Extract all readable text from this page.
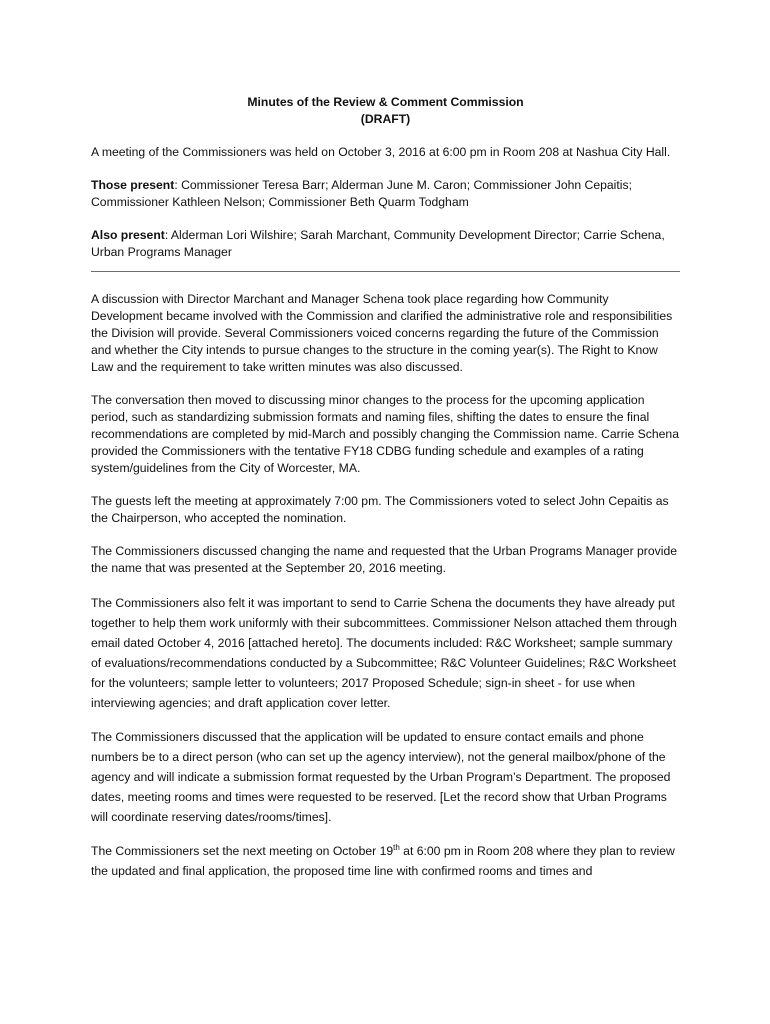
Minutes of the Review & Comment Commission
(DRAFT)

A meeting of the Commissioners was held on October 3, 2016 at 6:00 pm in Room 208 at Nashua City Hall.

Those present: Commissioner Teresa Barr; Alderman June M. Caron; Commissioner John Cepaitis; Commissioner Kathleen Nelson; Commissioner Beth Quarm Todgham

Also present: Alderman Lori Wilshire; Sarah Marchant, Community Development Director; Carrie Schena, Urban Programs Manager

A discussion with Director Marchant and Manager Schena took place regarding how Community Development became involved with the Commission and clarified the administrative role and responsibilities the Division will provide. Several Commissioners voiced concerns regarding the future of the Commission and whether the City intends to pursue changes to the structure in the coming year(s). The Right to Know Law and the requirement to take written minutes was also discussed.

The conversation then moved to discussing minor changes to the process for the upcoming application period, such as standardizing submission formats and naming files, shifting the dates to ensure the final recommendations are completed by mid-March and possibly changing the Commission name. Carrie Schena provided the Commissioners with the tentative FY18 CDBG funding schedule and examples of a rating system/guidelines from the City of Worcester, MA.

The guests left the meeting at approximately 7:00 pm. The Commissioners voted to select John Cepaitis as the Chairperson, who accepted the nomination.

The Commissioners discussed changing the name and requested that the Urban Programs Manager provide the name that was presented at the September 20, 2016 meeting.

The Commissioners also felt it was important to send to Carrie Schena the documents they have already put together to help them work uniformly with their subcommittees. Commissioner Nelson attached them through email dated October 4, 2016 [attached hereto]. The documents included: R&C Worksheet; sample summary of evaluations/recommendations conducted by a Subcommittee; R&C Volunteer Guidelines; R&C Worksheet for the volunteers; sample letter to volunteers; 2017 Proposed Schedule; sign-in sheet - for use when interviewing agencies; and draft application cover letter.

The Commissioners discussed that the application will be updated to ensure contact emails and phone numbers be to a direct person (who can set up the agency interview), not the general mailbox/phone of the agency and will indicate a submission format requested by the Urban Program’s Department. The proposed dates, meeting rooms and times were requested to be reserved. [Let the record show that Urban Programs will coordinate reserving dates/rooms/times].

The Commissioners set the next meeting on October 19th at 6:00 pm in Room 208 where they plan to review the updated and final application, the proposed time line with confirmed rooms and times and
